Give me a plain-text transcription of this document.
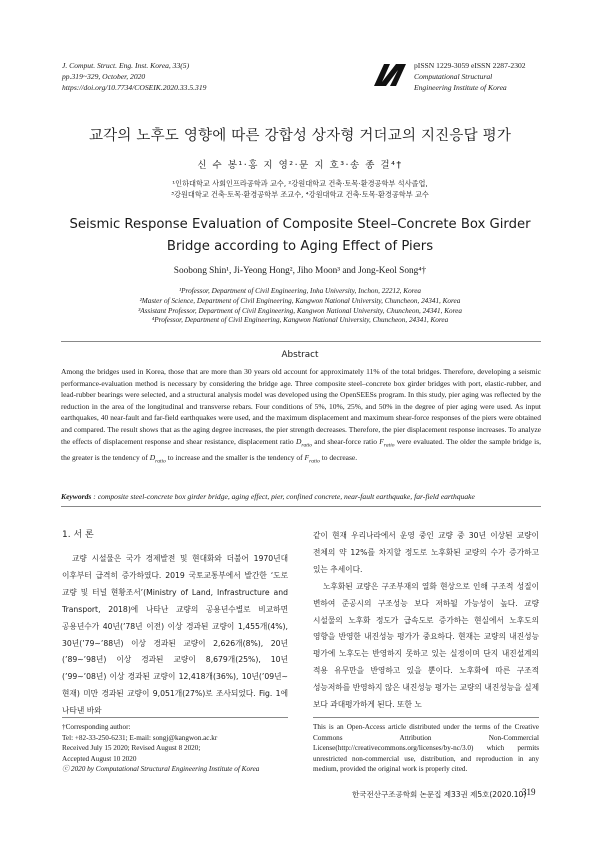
J. Comput. Struct. Eng. Inst. Korea, 33(5)
pp.319~329, October, 2020
https://doi.org/10.7734/COSEIK.2020.33.5.319
pISSN 1229-3059 eISSN 2287-2302
Computational Structural
Engineering Institute of Korea
교각의 노후도 영향에 따른 강합성 상자형 거더교의 지진응답 평가
신 수 봉¹·홍 지 영²·문 지 호³·송 종 걸⁴†
¹인하대학교 사회인프라공학과 교수, ²강원대학교 건축·토목·환경공학부 석사졸업,
³강원대학교 건축·토목·환경공학부 조교수, ⁴강원대학교 건축·토목·환경공학부 교수
Seismic Response Evaluation of Composite Steel–Concrete Box Girder
Bridge according to Aging Effect of Piers
Soobong Shin¹, Ji-Yeong Hong², Jiho Moon³ and Jong-Keol Song⁴†
¹Professor, Department of Civil Engineering, Inha University, Inchon, 22212, Korea
²Master of Science, Department of Civil Engineering, Kangwon National University, Chuncheon, 24341, Korea
³Assistant Professor, Department of Civil Engineering, Kangwon National University, Chuncheon, 24341, Korea
⁴Professor, Department of Civil Engineering, Kangwon National University, Chuncheon, 24341, Korea
Abstract
Among the bridges used in Korea, those that are more than 30 years old account for approximately 11% of the total bridges. Therefore, developing a seismic performance-evaluation method is necessary by considering the bridge age. Three composite steel–concrete box girder bridges with port, elastic-rubber, and lead-rubber bearings were selected, and a structural analysis model was developed using the OpenSEESs program. In this study, pier aging was reflected by the reduction in the area of the longitudinal and transverse rebars. Four conditions of 5%, 10%, 25%, and 50% in the degree of pier aging were used. As input earthquakes, 40 near-fault and far-field earthquakes were used, and the maximum displacement and maximum shear-force responses of the piers were obtained and compared. The result shows that as the aging degree increases, the pier strength decreases. Therefore, the pier displacement response increases. To analyze the effects of displacement response and shear resistance, displacement ratio $D_{ratio}$ and shear-force ratio $F_{ratio}$ were evaluated. The older the sample bridge is, the greater is the tendency of $D_{ratio}$ to increase and the smaller is the tendency of $F_{ratio}$ to decrease.
Keywords : composite steel-concrete box girder bridge, aging effect, pier, confined concrete, near-fault earthquake, far-field earthquake
1. 서 론

교량 시설물은 국가 경제발전 및 현대화와 더불어 1970년대 이후부터 급격히 증가하였다. 2019 국토교통부에서 발간한 ‘도로 교량 및 터널 현황조서’(Ministry of Land, Infrastructure and Transport, 2018)에 나타난 교량의 공용년수별로 비교하면 공용년수가 40년(’78년 이전) 이상 경과된 교량이 1,455개(4%), 30년(’79~’88년) 이상 경과된 교량이 2,626개(8%), 20년(’89~’98년) 이상 경과된 교량이 8,679개(25%), 10년(’99~’08년) 이상 경과된 교량이 12,418개(36%), 10년(’09년~현재) 미만 경과된 교량이 9,051개(27%)로 조사되었다. Fig. 1에 나타낸 바와

같이 현재 우리나라에서 운영 중인 교량 중 30년 이상된 교량이 전체의 약 12%를 차지할 정도로 노후화된 교량의 수가 증가하고 있는 추세이다.

노후화된 교량은 구조부재의 열화 현상으로 인해 구조적 성질이 변하여 준공시의 구조성능 보다 저하될 가능성이 높다. 교량 시설물의 노후화 정도가 급속도로 증가하는 현실에서 노후도의 영향을 반영한 내진성능 평가가 중요하다. 현재는 교량의 내진성능 평가에 노후도는 반영하지 못하고 있는 실정이며 단지 내진설계의 적용 유무만을 반영하고 있을 뿐이다. 노후화에 따른 구조적 성능저하를 반영하지 않은 내진성능 평가는 교량의 내진성능을 실제 보다 과대평가하게 된다. 또한 노

†Corresponding author:
Tel: +82-33-250-6231; E-mail: songj@kangwon.ac.kr
Received July 15 2020; Revised August 8 2020;
Accepted August 10 2020
ⓒ 2020 by Computational Structural Engineering Institute of Korea
This is an Open-Access article distributed under the terms of the Creative Commons Attribution Non-Commercial License(http://creativecommons.org/licenses/by-nc/3.0) which permits unrestricted non-commercial use, distribution, and reproduction in any medium, provided the original work is properly cited.
한국전산구조공학회 논문집 제33권 제5호(2020.10)
319
